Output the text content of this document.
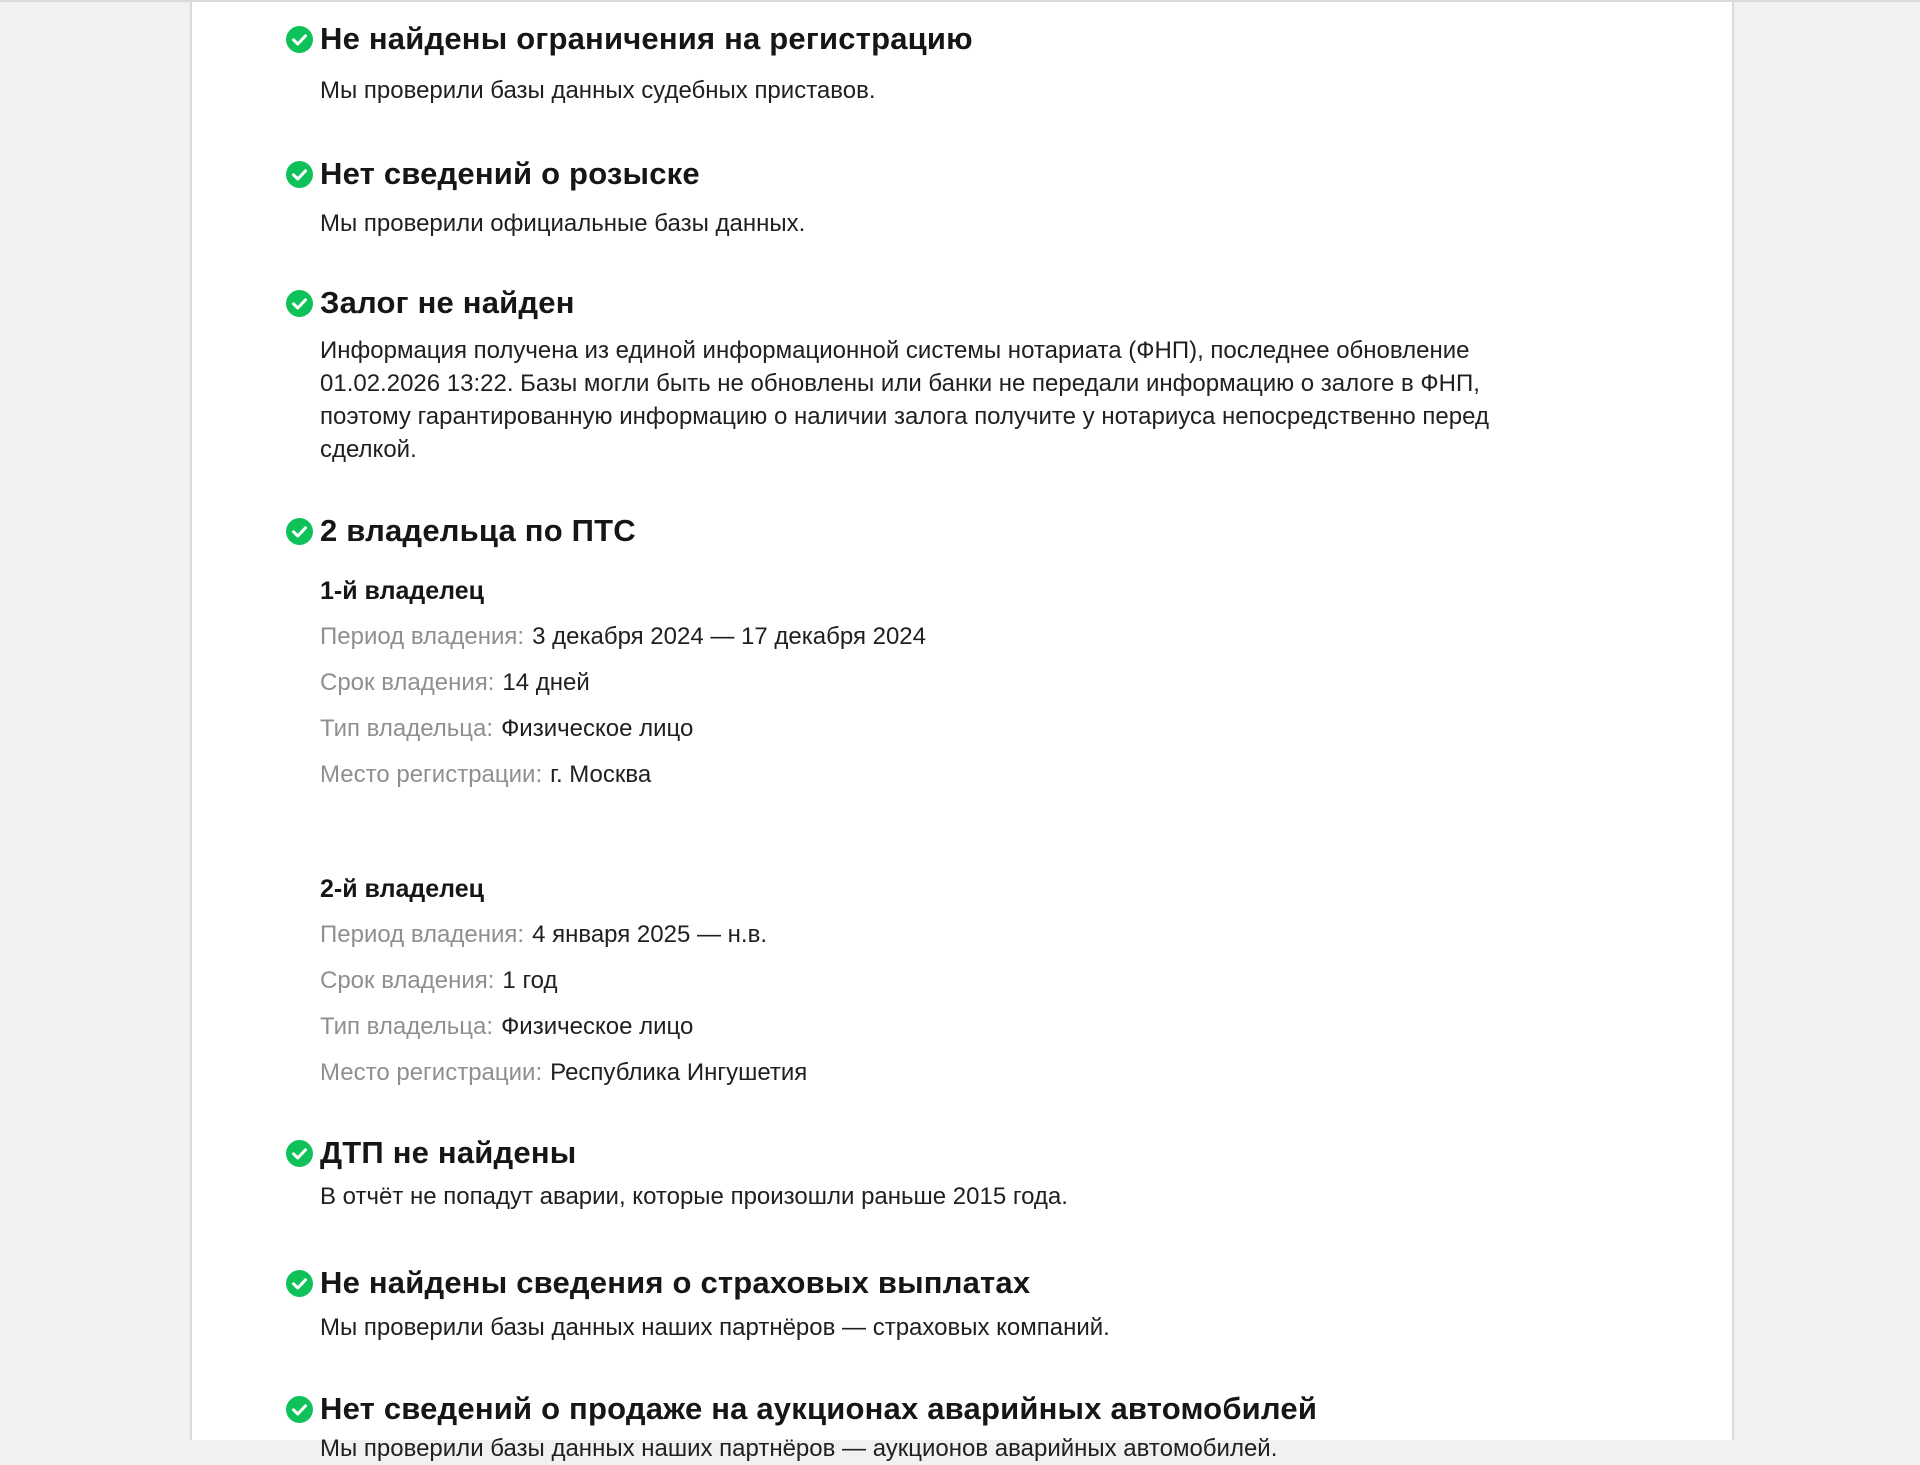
Не найдены ограничения на регистрацию

Мы проверили базы данных судебных приставов.

Нет сведений о розыске

Мы проверили официальные базы данных.

Залог не найден

Информация получена из единой информационной системы нотариата (ФНП), последнее обновление 01.02.2026 13:22. Базы могли быть не обновлены или банки не передали информацию о залоге в ФНП, поэтому гарантированную информацию о наличии залога получите у нотариуса непосредственно перед сделкой.

2 владельца по ПТС
1-й владелец

Период владения: 3 декабря 2024 — 17 декабря 2024

Срок владения: 14 дней

Тип владельца: Физическое лицо

Место регистрации: г. Москва

2-й владелец

Период владения: 4 января 2025 — н.в.

Срок владения: 1 год

Тип владельца: Физическое лицо

Место регистрации: Республика Ингушетия

ДТП не найдены

В отчёт не попадут аварии, которые произошли раньше 2015 года.

Не найдены сведения о страховых выплатах

Мы проверили базы данных наших партнёров — страховых компаний.

Нет сведений о продаже на аукционах аварийных автомобилей

Мы проверили базы данных наших партнёров — аукционов аварийных автомобилей.
